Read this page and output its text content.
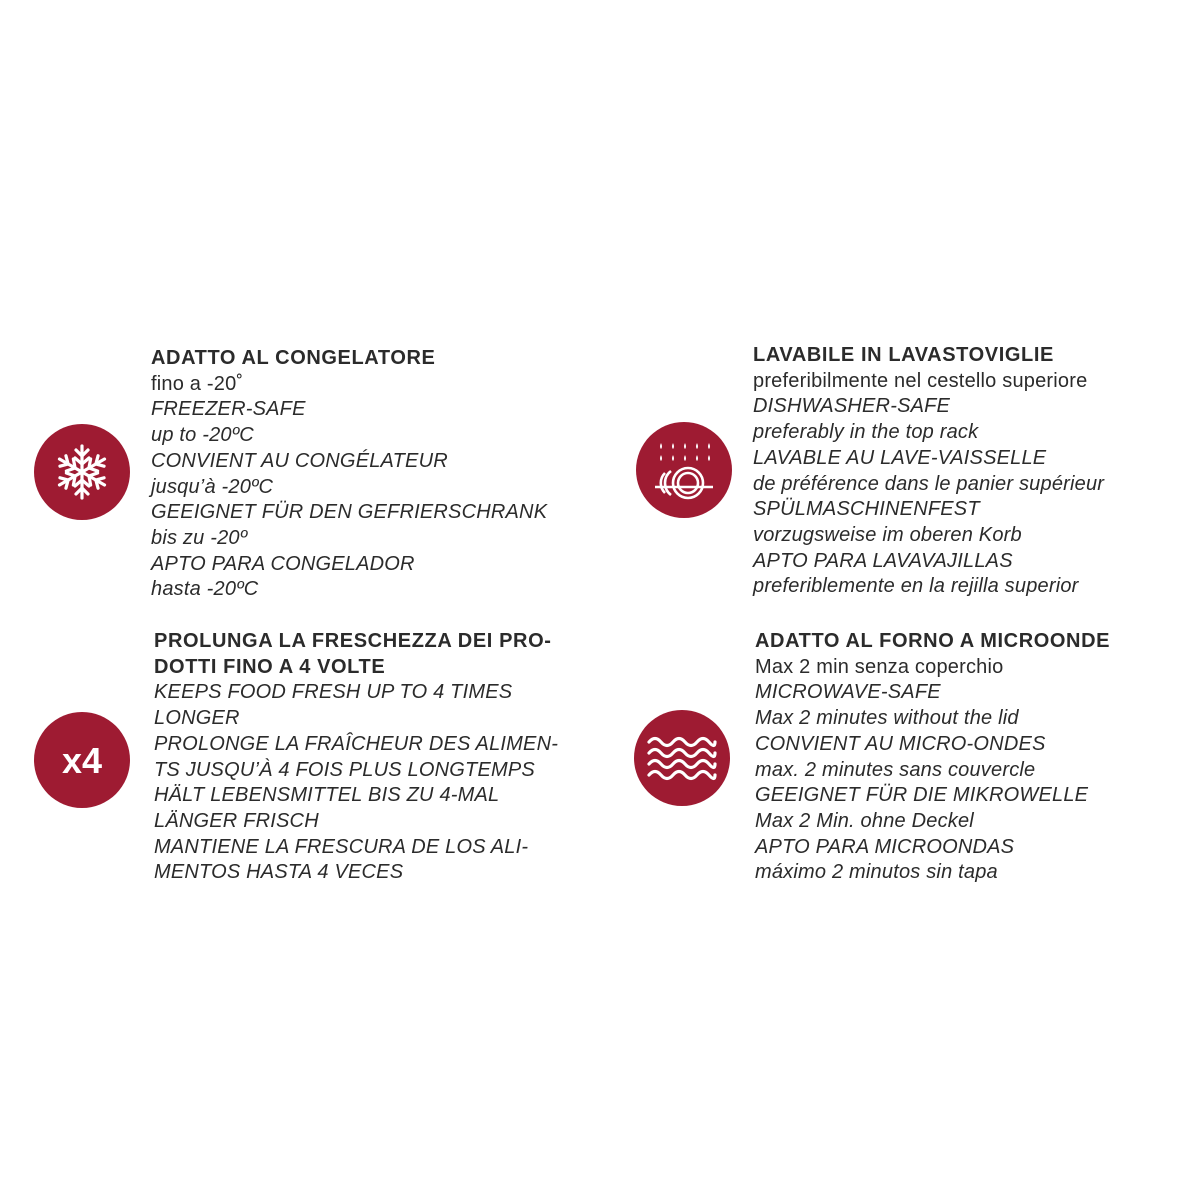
ADATTO AL CONGELATORE
fino a -20˚
FREEZER-SAFE
up to -20ºC
CONVIENT AU CONGÉLATEUR
jusqu’à -20ºC
GEEIGNET FÜR DEN GEFRIERSCHRANK
bis zu -20º
APTO PARA CONGELADOR
hasta -20ºC
LAVABILE IN LAVASTOVIGLIE
preferibilmente nel cestello superiore
DISHWASHER-SAFE
preferably in the top rack
LAVABLE AU LAVE-VAISSELLE
de préférence dans le panier supérieur
SPÜLMASCHINENFEST
vorzugsweise im oberen Korb
APTO PARA LAVAVAJILLAS
preferiblemente en la rejilla superior
x4
PROLUNGA LA FRESCHEZZA DEI PRO-
DOTTI FINO A 4 VOLTE
KEEPS FOOD FRESH UP TO 4 TIMES
LONGER
PROLONGE LA FRAÎCHEUR DES ALIMEN-
TS JUSQU’À 4 FOIS PLUS LONGTEMPS
HÄLT LEBENSMITTEL BIS ZU 4-MAL
LÄNGER FRISCH
MANTIENE LA FRESCURA DE LOS ALI-
MENTOS HASTA 4 VECES
ADATTO AL FORNO A MICROONDE
Max 2 min senza coperchio
MICROWAVE-SAFE
Max 2 minutes without the lid
CONVIENT AU MICRO-ONDES
max. 2 minutes sans couvercle
GEEIGNET FÜR DIE MIKROWELLE
Max 2 Min. ohne Deckel
APTO PARA MICROONDAS
máximo 2 minutos sin tapa
